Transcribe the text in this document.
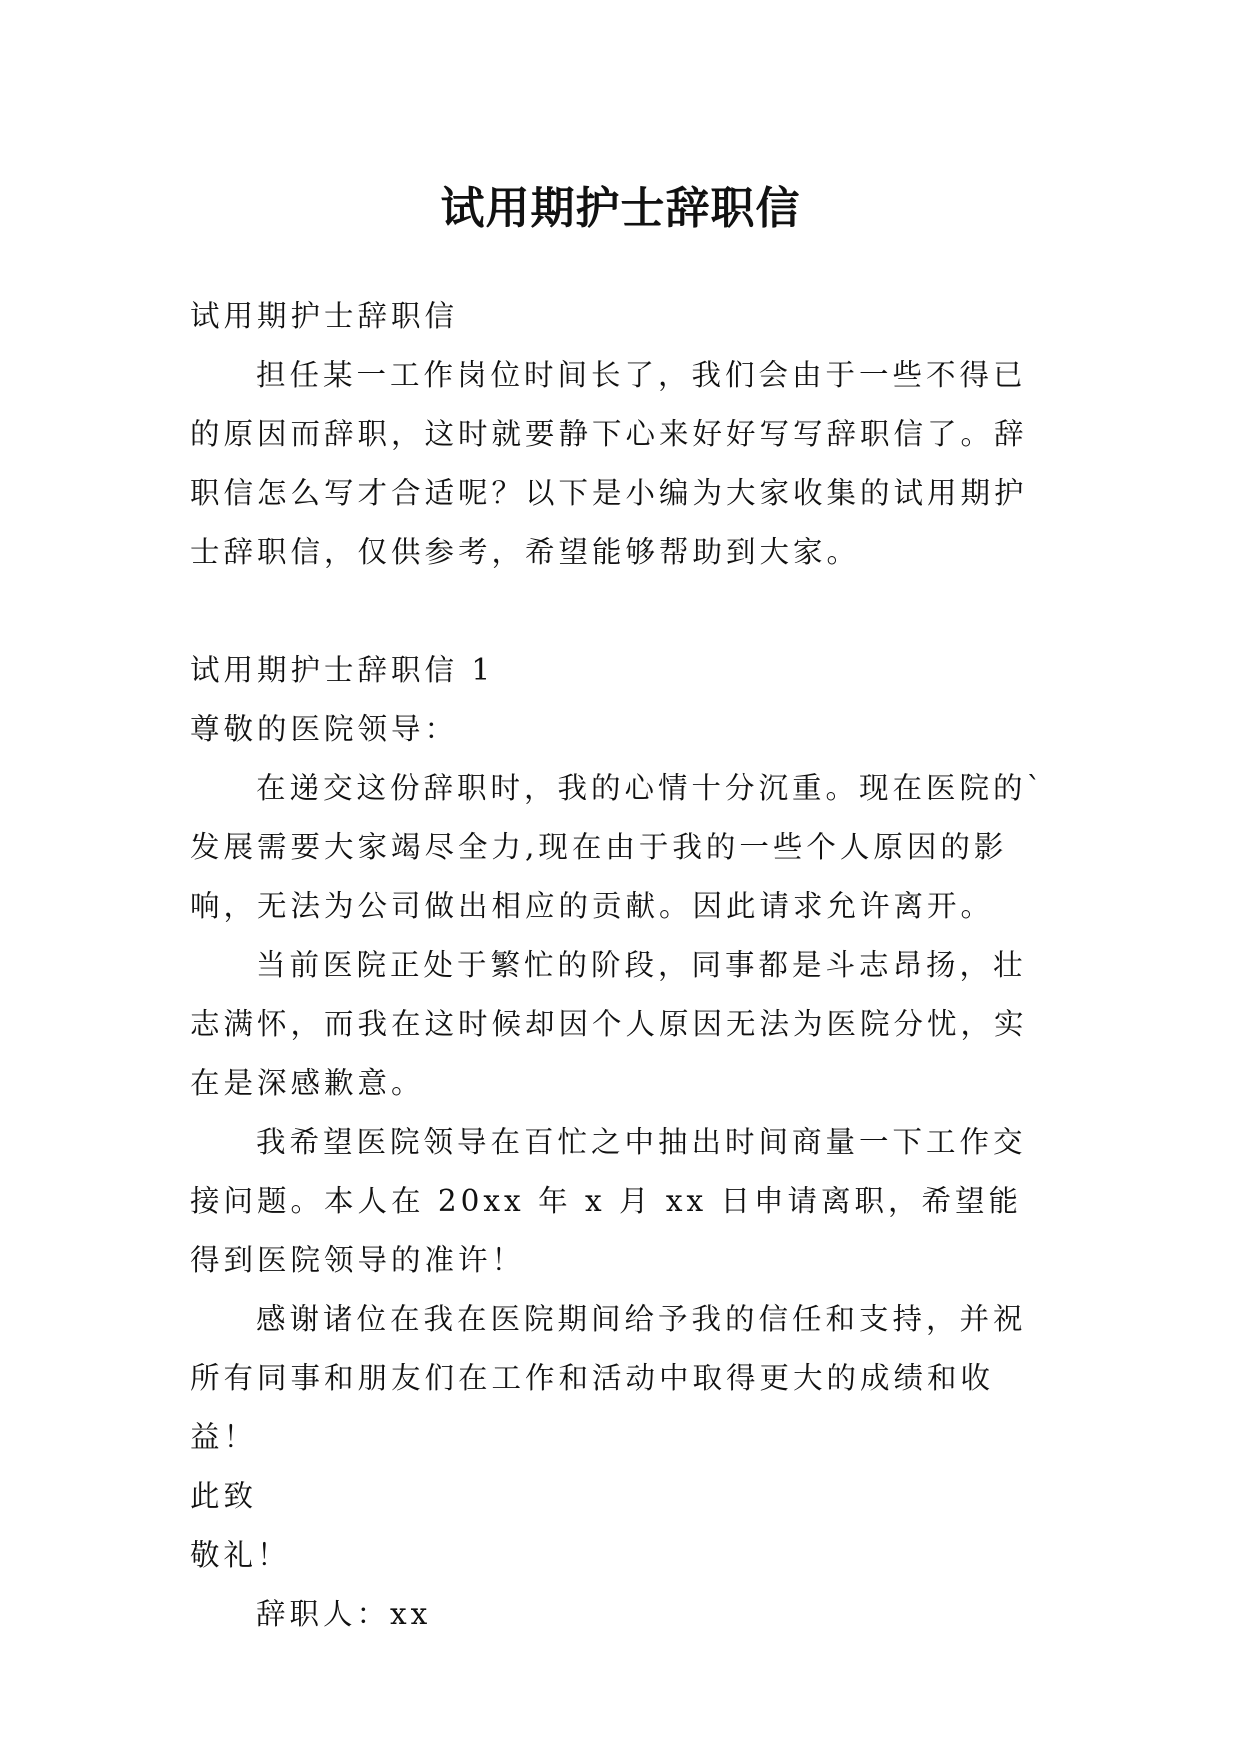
试用期护士辞职信

试用期护士辞职信

担任某一工作岗位时间长了，我们会由于一些不得已的原因而辞职，这时就要静下心来好好写写辞职信了。辞职信怎么写才合适呢？以下是小编为大家收集的试用期护士辞职信，仅供参考，希望能够帮助到大家。

试用期护士辞职信 1

尊敬的医院领导：

在递交这份辞职时，我的心情十分沉重。现在医院的`发展需要大家竭尽全力,现在由于我的一些个人原因的影响，无法为公司做出相应的贡献。因此请求允许离开。

当前医院正处于繁忙的阶段，同事都是斗志昂扬，壮志满怀，而我在这时候却因个人原因无法为医院分忧，实在是深感歉意。

我希望医院领导在百忙之中抽出时间商量一下工作交接问题。本人在 20xx 年 x 月 xx 日申请离职，希望能得到医院领导的准许！

感谢诸位在我在医院期间给予我的信任和支持，并祝所有同事和朋友们在工作和活动中取得更大的成绩和收益！

此致

敬礼！

辞职人：xx
